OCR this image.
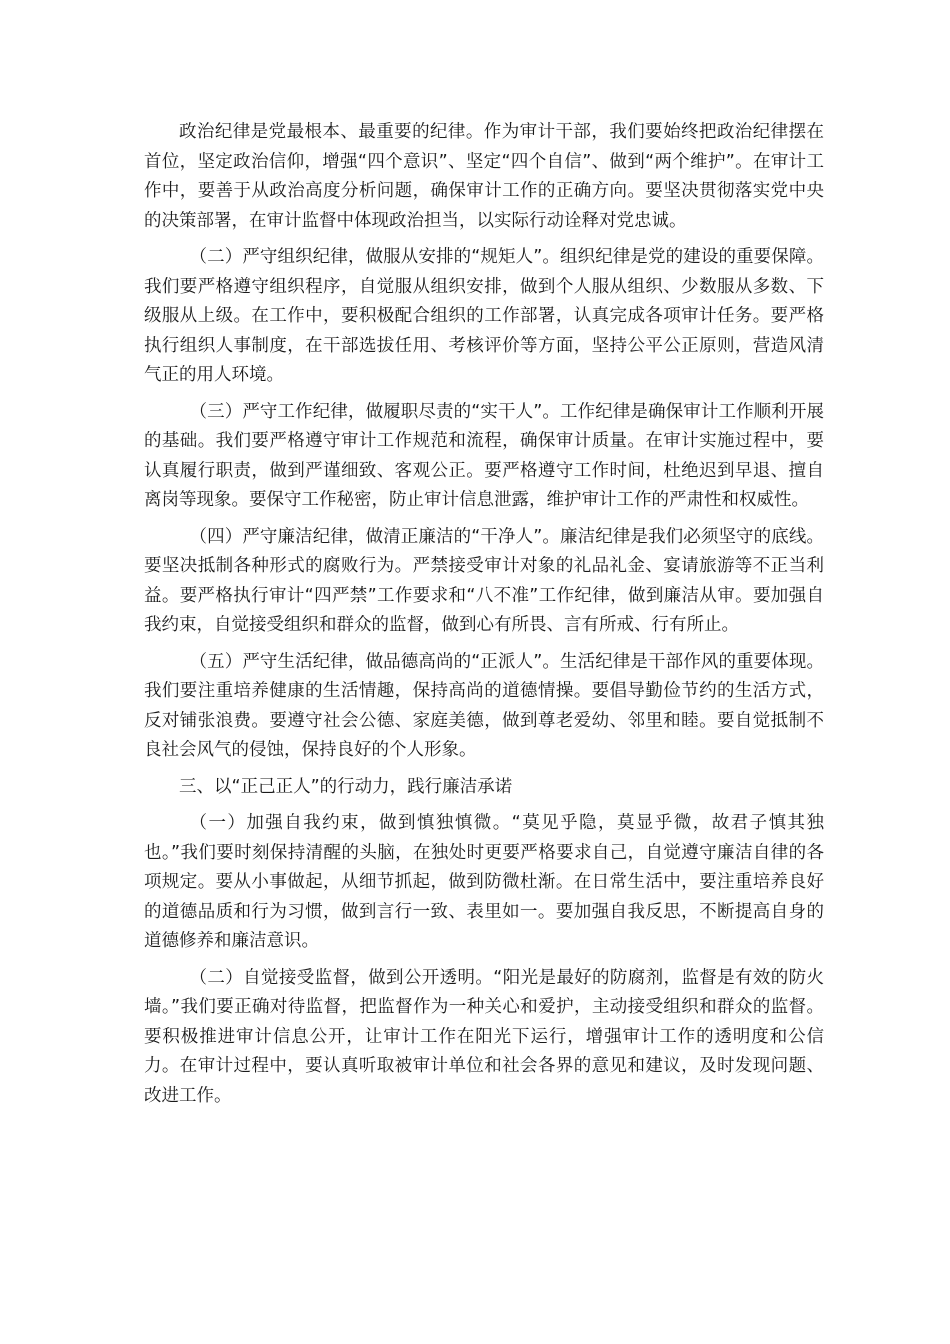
政治纪律是党最根本、最重要的纪律。作为审计干部，我们要始终把政治纪律摆在首位，坚定政治信仰，增强“四个意识”、坚定“四个自信”、做到“两个维护”。在审计工作中，要善于从政治高度分析问题，确保审计工作的正确方向。要坚决贯彻落实党中央的决策部署，在审计监督中体现政治担当，以实际行动诠释对党忠诚。

（二）严守组织纪律，做服从安排的“规矩人”。组织纪律是党的建设的重要保障。我们要严格遵守组织程序，自觉服从组织安排，做到个人服从组织、少数服从多数、下级服从上级。在工作中，要积极配合组织的工作部署，认真完成各项审计任务。要严格执行组织人事制度，在干部选拔任用、考核评价等方面，坚持公平公正原则，营造风清气正的用人环境。

（三）严守工作纪律，做履职尽责的“实干人”。工作纪律是确保审计工作顺利开展的基础。我们要严格遵守审计工作规范和流程，确保审计质量。在审计实施过程中，要认真履行职责，做到严谨细致、客观公正。要严格遵守工作时间，杜绝迟到早退、擅自离岗等现象。要保守工作秘密，防止审计信息泄露，维护审计工作的严肃性和权威性。

（四）严守廉洁纪律，做清正廉洁的“干净人”。廉洁纪律是我们必须坚守的底线。要坚决抵制各种形式的腐败行为。严禁接受审计对象的礼品礼金、宴请旅游等不正当利益。要严格执行审计“四严禁”工作要求和“八不准”工作纪律，做到廉洁从审。要加强自我约束，自觉接受组织和群众的监督，做到心有所畏、言有所戒、行有所止。

（五）严守生活纪律，做品德高尚的“正派人”。生活纪律是干部作风的重要体现。我们要注重培养健康的生活情趣，保持高尚的道德情操。要倡导勤俭节约的生活方式，反对铺张浪费。要遵守社会公德、家庭美德，做到尊老爱幼、邻里和睦。要自觉抵制不良社会风气的侵蚀，保持良好的个人形象。

三、以“正己正人”的行动力，践行廉洁承诺

（一）加强自我约束，做到慎独慎微。“莫见乎隐，莫显乎微，故君子慎其独也。”我们要时刻保持清醒的头脑，在独处时更要严格要求自己，自觉遵守廉洁自律的各项规定。要从小事做起，从细节抓起，做到防微杜渐。在日常生活中，要注重培养良好的道德品质和行为习惯，做到言行一致、表里如一。要加强自我反思，不断提高自身的道德修养和廉洁意识。

（二）自觉接受监督，做到公开透明。“阳光是最好的防腐剂，监督是有效的防火墙。”我们要正确对待监督，把监督作为一种关心和爱护，主动接受组织和群众的监督。要积极推进审计信息公开，让审计工作在阳光下运行，增强审计工作的透明度和公信力。在审计过程中，要认真听取被审计单位和社会各界的意见和建议，及时发现问题、改进工作。
